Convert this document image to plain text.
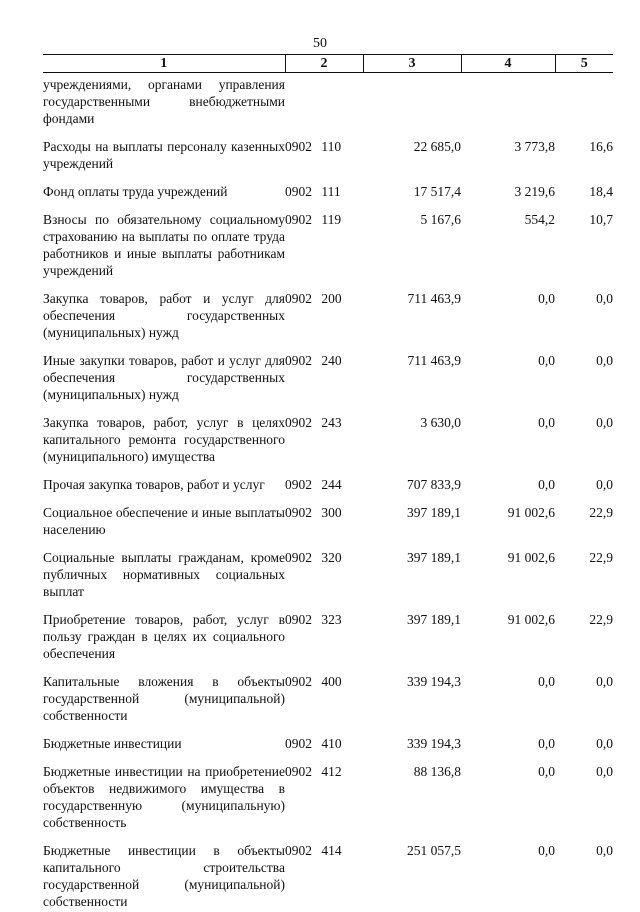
50
1	2	3	4	5
учреждениями, органами управления государственными внебюджетными фондами				
Расходы на выплаты персоналу казенных учреждений	0902 110	22 685,0	3 773,8	16,6
Фонд оплаты труда учреждений	0902 111	17 517,4	3 219,6	18,4
Взносы по обязательному социальному страхованию на выплаты по оплате труда работников и иные выплаты работникам учреждений	0902 119	5 167,6	554,2	10,7
Закупка товаров, работ и услуг для обеспечения государственных (муниципальных) нужд	0902 200	711 463,9	0,0	0,0
Иные закупки товаров, работ и услуг для обеспечения государственных (муниципальных) нужд	0902 240	711 463,9	0,0	0,0
Закупка товаров, работ, услуг в целях капитального ремонта государственного (муниципального) имущества	0902 243	3 630,0	0,0	0,0
Прочая закупка товаров, работ и услуг	0902 244	707 833,9	0,0	0,0
Социальное обеспечение и иные выплаты населению	0902 300	397 189,1	91 002,6	22,9
Социальные выплаты гражданам, кроме публичных нормативных социальных выплат	0902 320	397 189,1	91 002,6	22,9
Приобретение товаров, работ, услуг в пользу граждан в целях их социального обеспечения	0902 323	397 189,1	91 002,6	22,9
Капитальные вложения в объекты государственной (муниципальной) собственности	0902 400	339 194,3	0,0	0,0
Бюджетные инвестиции	0902 410	339 194,3	0,0	0,0
Бюджетные инвестиции на приобретение объектов недвижимого имущества в государственную (муниципальную) собственность	0902 412	88 136,8	0,0	0,0
Бюджетные инвестиции в объекты капитального строительства государственной (муниципальной) собственности	0902 414	251 057,5	0,0	0,0
